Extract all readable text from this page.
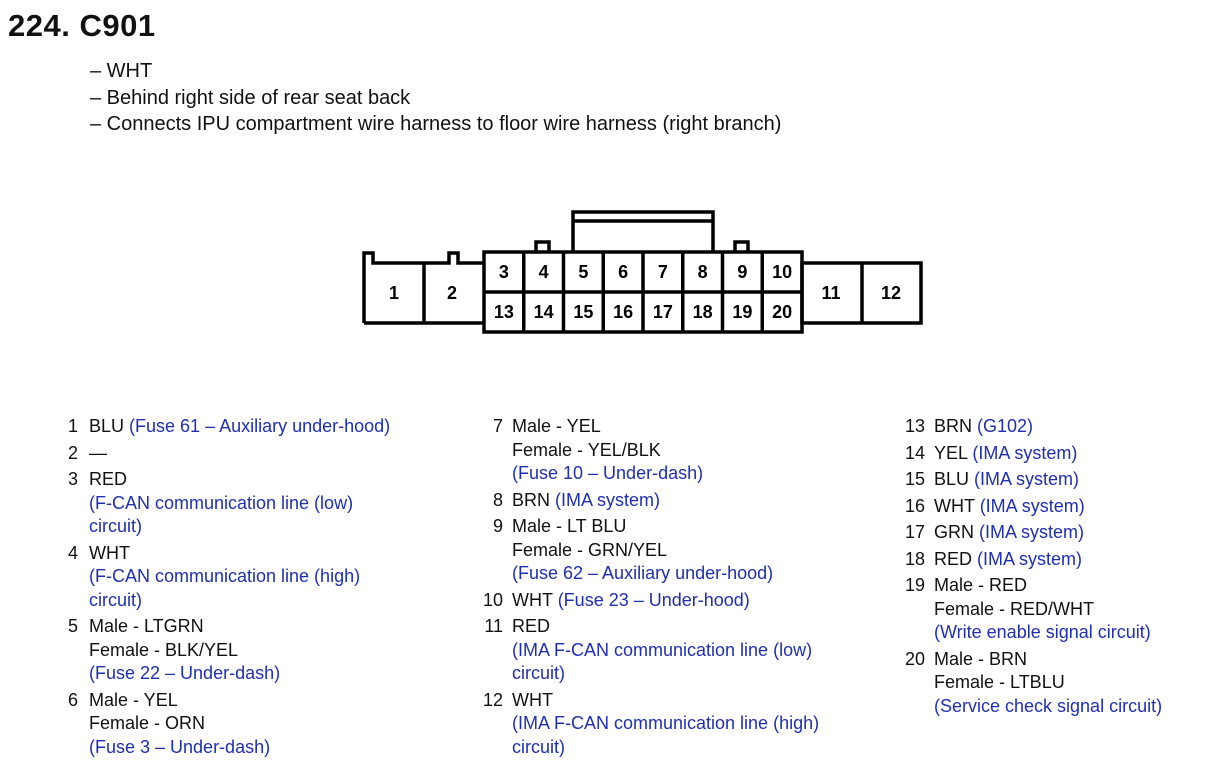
224. C901
– WHT
– Behind right side of rear seat back
– Connects IPU compartment wire harness to floor wire harness (right branch)
1	2
3 4 5 6 7 8 9 10
11 12
13 14 15 16 17 18 19 20
1 BLU (Fuse 61 – Auxiliary under-hood)
2 —
3 RED
(F-CAN communication line (low)
circuit)
4 WHT
(F-CAN communication line (high)
circuit)
5 Male - LTGRN
Female - BLK/YEL
(Fuse 22 – Under-dash)
6 Male - YEL
Female - ORN
(Fuse 3 – Under-dash)
7 Male - YEL
Female - YEL/BLK
(Fuse 10 – Under-dash)
8 BRN (IMA system)
9 Male - LT BLU
Female - GRN/YEL
(Fuse 62 – Auxiliary under-hood)
10 WHT (Fuse 23 – Under-hood)
11 RED
(IMA F-CAN communication line (low)
circuit)
12 WHT
(IMA F-CAN communication line (high)
circuit)
13 BRN (G102)
14 YEL (IMA system)
15 BLU (IMA system)
16 WHT (IMA system)
17 GRN (IMA system)
18 RED (IMA system)
19 Male - RED
Female - RED/WHT
(Write enable signal circuit)
20 Male - BRN
Female - LTBLU
(Service check signal circuit)
